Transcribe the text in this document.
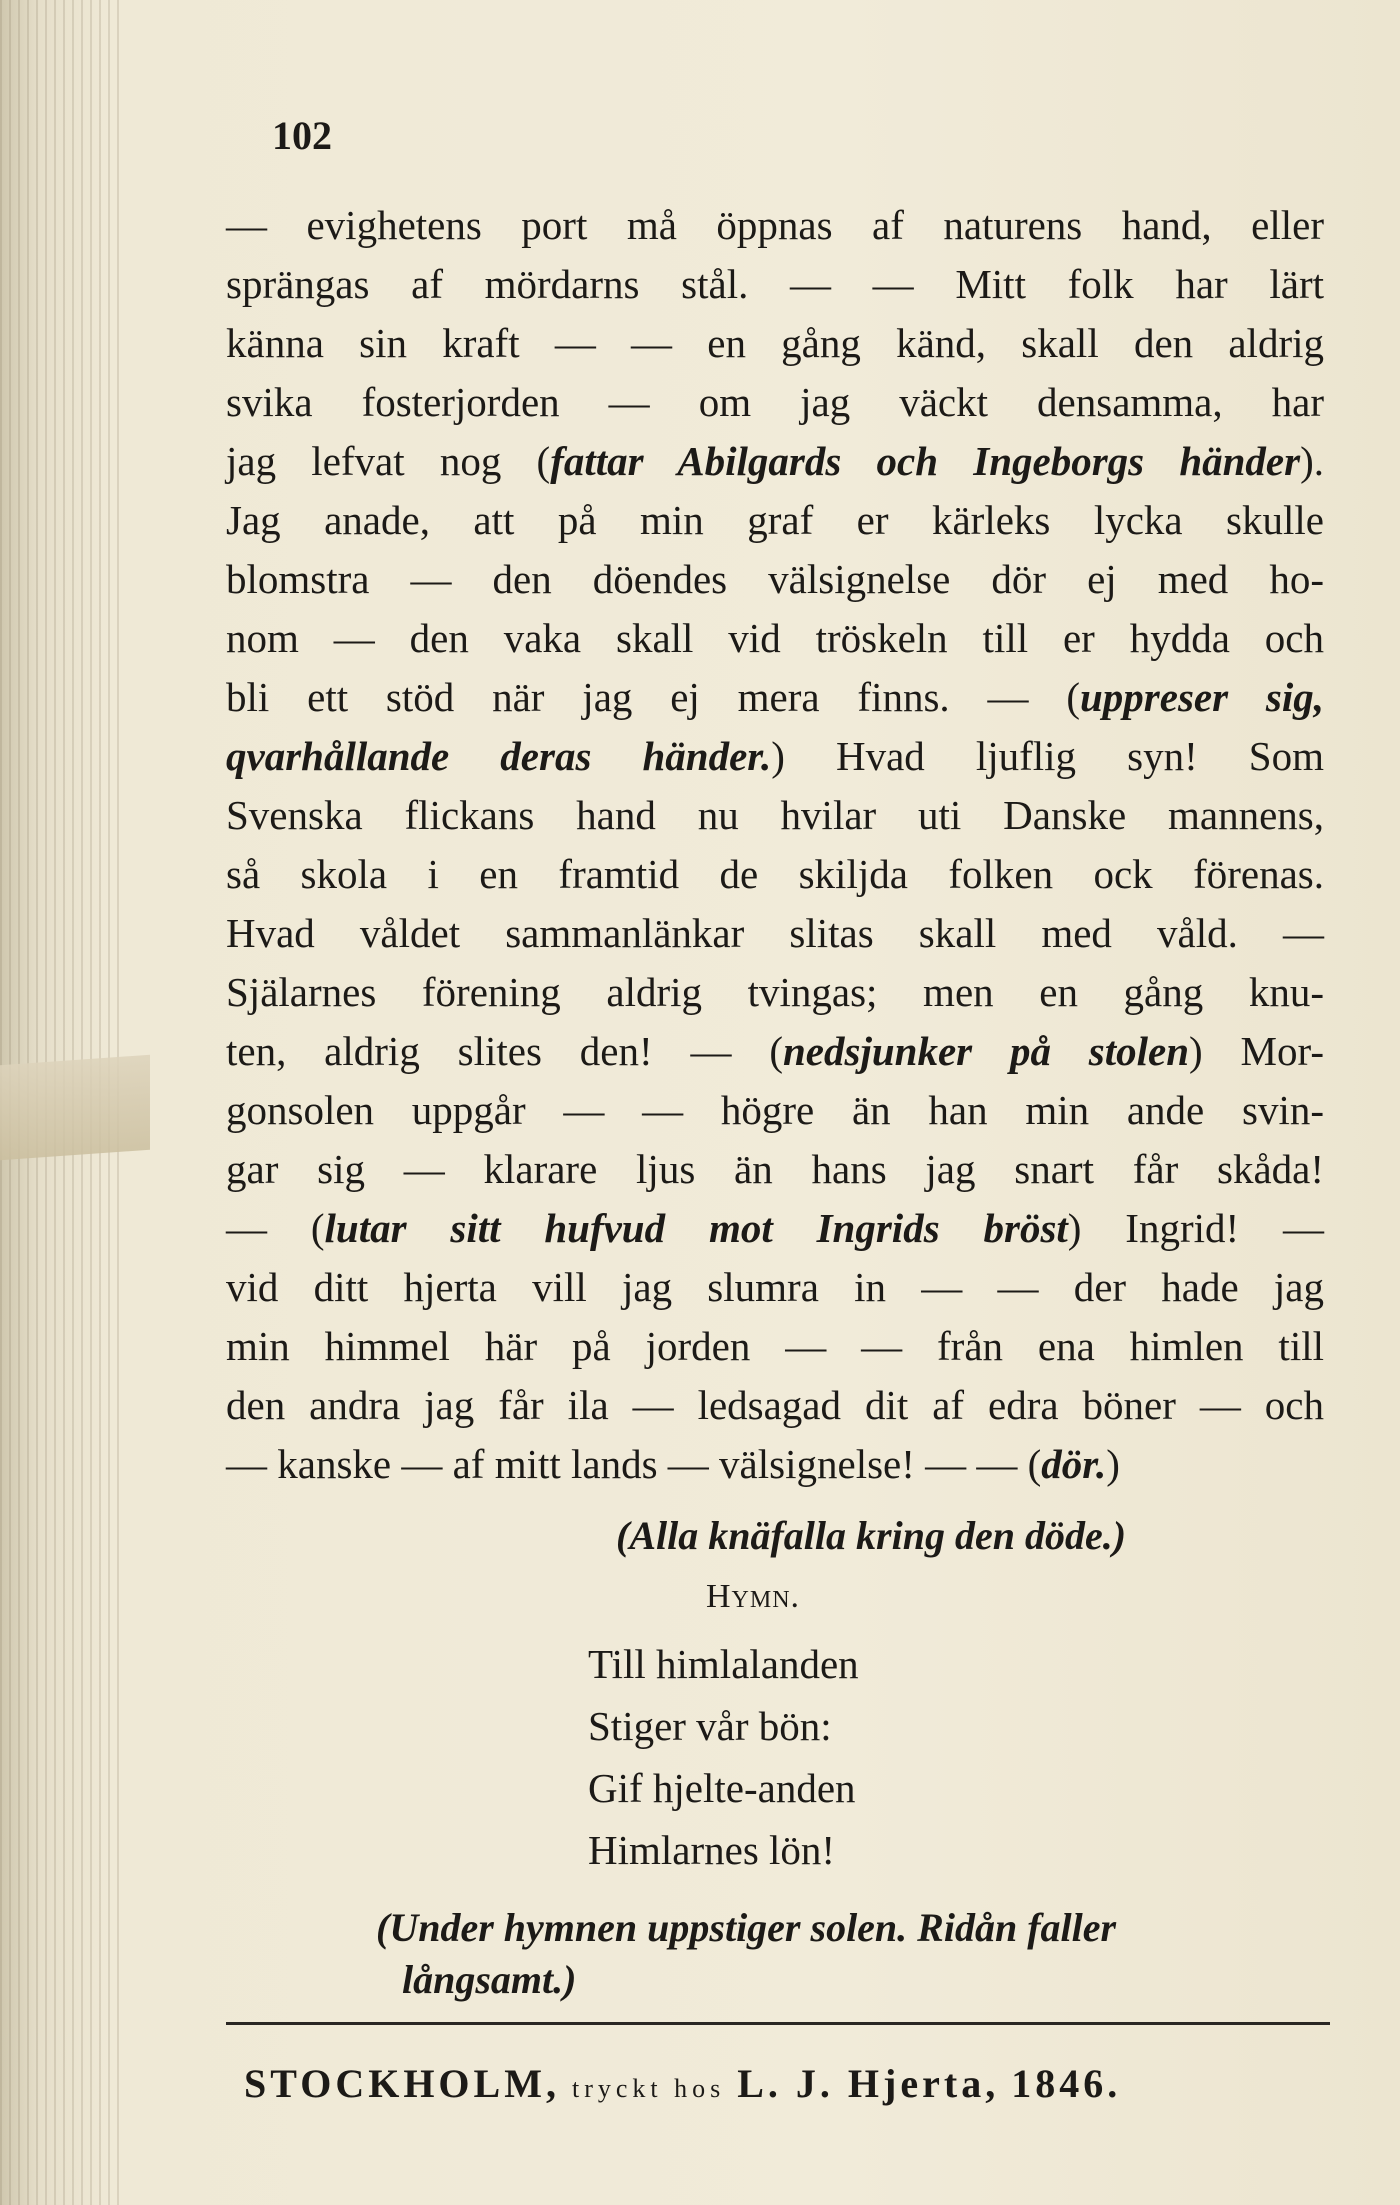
102
— evighetens port må öppnas af naturens hand, eller
sprängas af mördarns stål. — — Mitt folk har lärt
känna sin kraft — — en gång känd, skall den aldrig
svika fosterjorden — om jag väckt densamma, har
jag lefvat nog (fattar Abilgards och Ingeborgs händer).
Jag anade, att på min graf er kärleks lycka skulle
blomstra — den döendes välsignelse dör ej med ho-
nom — den vaka skall vid tröskeln till er hydda och
bli ett stöd när jag ej mera finns. — (uppreser sig,
qvarhållande deras händer.) Hvad ljuflig syn! Som
Svenska flickans hand nu hvilar uti Danske mannens,
så skola i en framtid de skiljda folken ock förenas.
Hvad våldet sammanlänkar slitas skall med våld. —
Själarnes förening aldrig tvingas; men en gång knu-
ten, aldrig slites den! — (nedsjunker på stolen) Mor-
gonsolen uppgår — — högre än han min ande svin-
gar sig — klarare ljus än hans jag snart får skåda!
— (lutar sitt hufvud mot Ingrids bröst) Ingrid! —
vid ditt hjerta vill jag slumra in — — der hade jag
min himmel här på jorden — — från ena himlen till
den andra jag får ila — ledsagad dit af edra böner — och
— kanske — af mitt lands — välsignelse! — — (dör.)
(Alla knäfalla kring den döde.)
Hymn.
Till himlalanden
Stiger vår bön:
Gif hjelte-anden
Himlarnes lön!
(Under hymnen uppstiger solen. Ridån faller
långsamt.)
STOCKHOLM, tryckt hos L. J. Hjerta, 1846.
